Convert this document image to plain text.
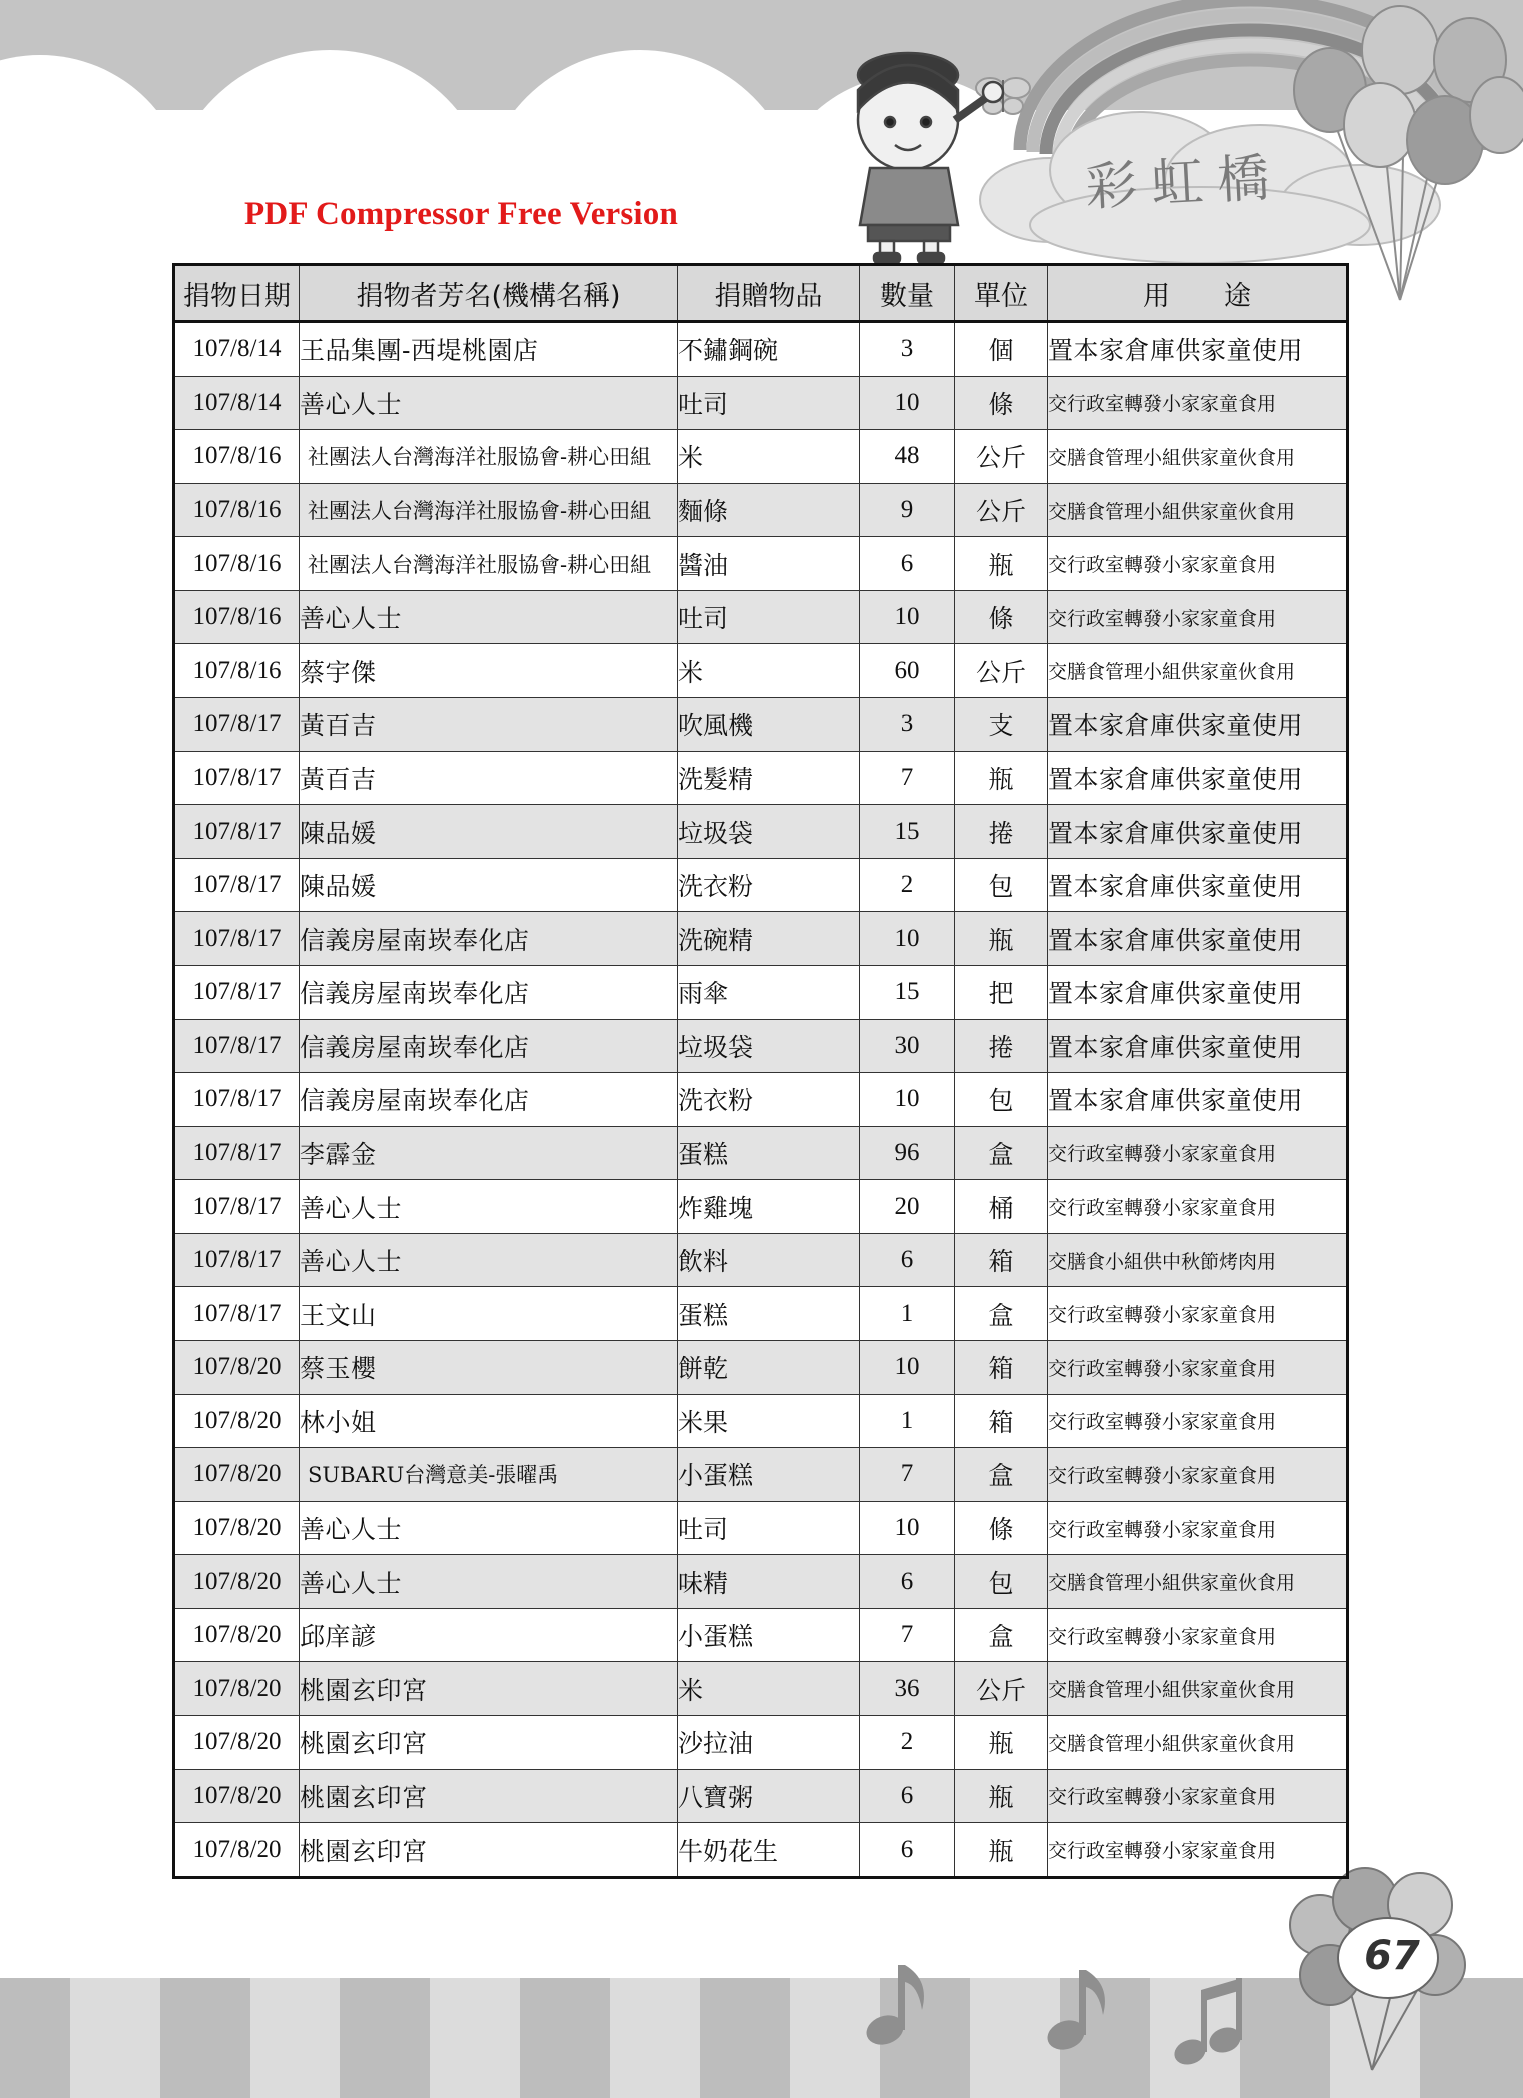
PDF Compressor Free Version	彩虹橋
67
捐物日期	捐物者芳名(機構名稱)	捐贈物品	數量	單位	用　　途
107/8/14	王品集團-西堤桃園店	不鏽鋼碗	3	個	置本家倉庫供家童使用
107/8/14	善心人士	吐司	10	條	交行政室轉發小家家童食用
107/8/16	社團法人台灣海洋社服協會-耕心田組	米	48	公斤	交膳食管理小組供家童伙食用
107/8/16	社團法人台灣海洋社服協會-耕心田組	麵條	9	公斤	交膳食管理小組供家童伙食用
107/8/16	社團法人台灣海洋社服協會-耕心田組	醬油	6	瓶	交行政室轉發小家家童食用
107/8/16	善心人士	吐司	10	條	交行政室轉發小家家童食用
107/8/16	蔡宇傑	米	60	公斤	交膳食管理小組供家童伙食用
107/8/17	黃百吉	吹風機	3	支	置本家倉庫供家童使用
107/8/17	黃百吉	洗髮精	7	瓶	置本家倉庫供家童使用
107/8/17	陳品媛	垃圾袋	15	捲	置本家倉庫供家童使用
107/8/17	陳品媛	洗衣粉	2	包	置本家倉庫供家童使用
107/8/17	信義房屋南崁奉化店	洗碗精	10	瓶	置本家倉庫供家童使用
107/8/17	信義房屋南崁奉化店	雨傘	15	把	置本家倉庫供家童使用
107/8/17	信義房屋南崁奉化店	垃圾袋	30	捲	置本家倉庫供家童使用
107/8/17	信義房屋南崁奉化店	洗衣粉	10	包	置本家倉庫供家童使用
107/8/17	李霹金	蛋糕	96	盒	交行政室轉發小家家童食用
107/8/17	善心人士	炸雞塊	20	桶	交行政室轉發小家家童食用
107/8/17	善心人士	飲料	6	箱	交膳食小組供中秋節烤肉用
107/8/17	王文山	蛋糕	1	盒	交行政室轉發小家家童食用
107/8/20	蔡玉櫻	餅乾	10	箱	交行政室轉發小家家童食用
107/8/20	林小姐	米果	1	箱	交行政室轉發小家家童食用
107/8/20	SUBARU台灣意美-張曜禹	小蛋糕	7	盒	交行政室轉發小家家童食用
107/8/20	善心人士	吐司	10	條	交行政室轉發小家家童食用
107/8/20	善心人士	味精	6	包	交膳食管理小組供家童伙食用
107/8/20	邱庠諺	小蛋糕	7	盒	交行政室轉發小家家童食用
107/8/20	桃園玄印宮	米	36	公斤	交膳食管理小組供家童伙食用
107/8/20	桃園玄印宮	沙拉油	2	瓶	交膳食管理小組供家童伙食用
107/8/20	桃園玄印宮	八寶粥	6	瓶	交行政室轉發小家家童食用
107/8/20	桃園玄印宮	牛奶花生	6	瓶	交行政室轉發小家家童食用
